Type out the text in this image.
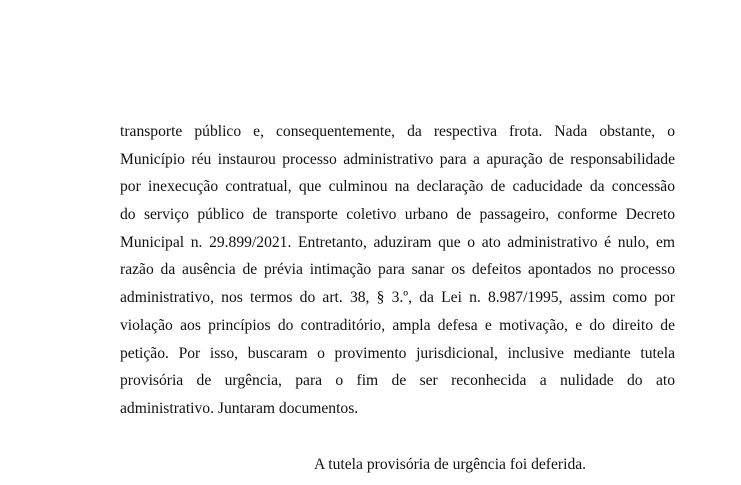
transporte público e, consequentemente, da respectiva frota. Nada obstante, o
Município réu instaurou processo administrativo para a apuração de responsabilidade
por inexecução contratual, que culminou na declaração de caducidade da concessão
do serviço público de transporte coletivo urbano de passageiro, conforme Decreto
Municipal n. 29.899/2021. Entretanto, aduziram que o ato administrativo é nulo, em
razão da ausência de prévia intimação para sanar os defeitos apontados no processo
administrativo, nos termos do art. 38, § 3.º, da Lei n. 8.987/1995, assim como por
violação aos princípios do contraditório, ampla defesa e motivação, e do direito de
petição. Por isso, buscaram o provimento jurisdicional, inclusive mediante tutela
provisória de urgência, para o fim de ser reconhecida a nulidade do ato
administrativo. Juntaram documentos.

A tutela provisória de urgência foi deferida.
